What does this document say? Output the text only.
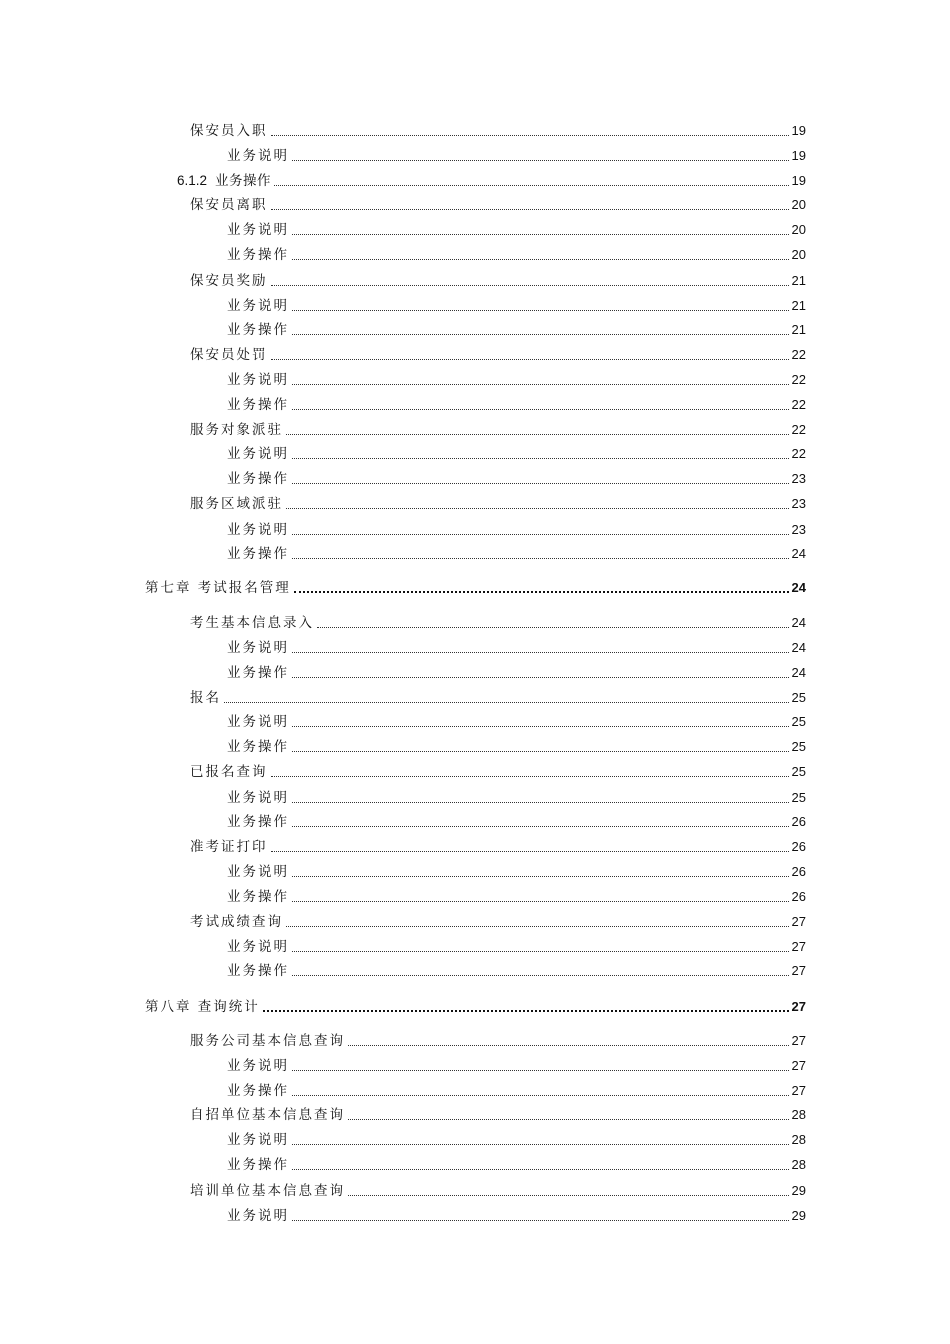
保安员入职	19
业务说明	19
6.1.2 业务操作	19
保安员离职	20
业务说明	20
业务操作	20
保安员奖励	21
业务说明	21
业务操作	21
保安员处罚	22
业务说明	22
业务操作	22
服务对象派驻	22
业务说明	22
业务操作	23
服务区域派驻	23
业务说明	23
业务操作	24
第七章 考试报名管理	24
考生基本信息录入	24
业务说明	24
业务操作	24
报名	25
业务说明	25
业务操作	25
已报名查询	25
业务说明	25
业务操作	26
准考证打印	26
业务说明	26
业务操作	26
考试成绩查询	27
业务说明	27
业务操作	27
第八章 查询统计	27
服务公司基本信息查询	27
业务说明	27
业务操作	27
自招单位基本信息查询	28
业务说明	28
业务操作	28
培训单位基本信息查询	29
业务说明	29
